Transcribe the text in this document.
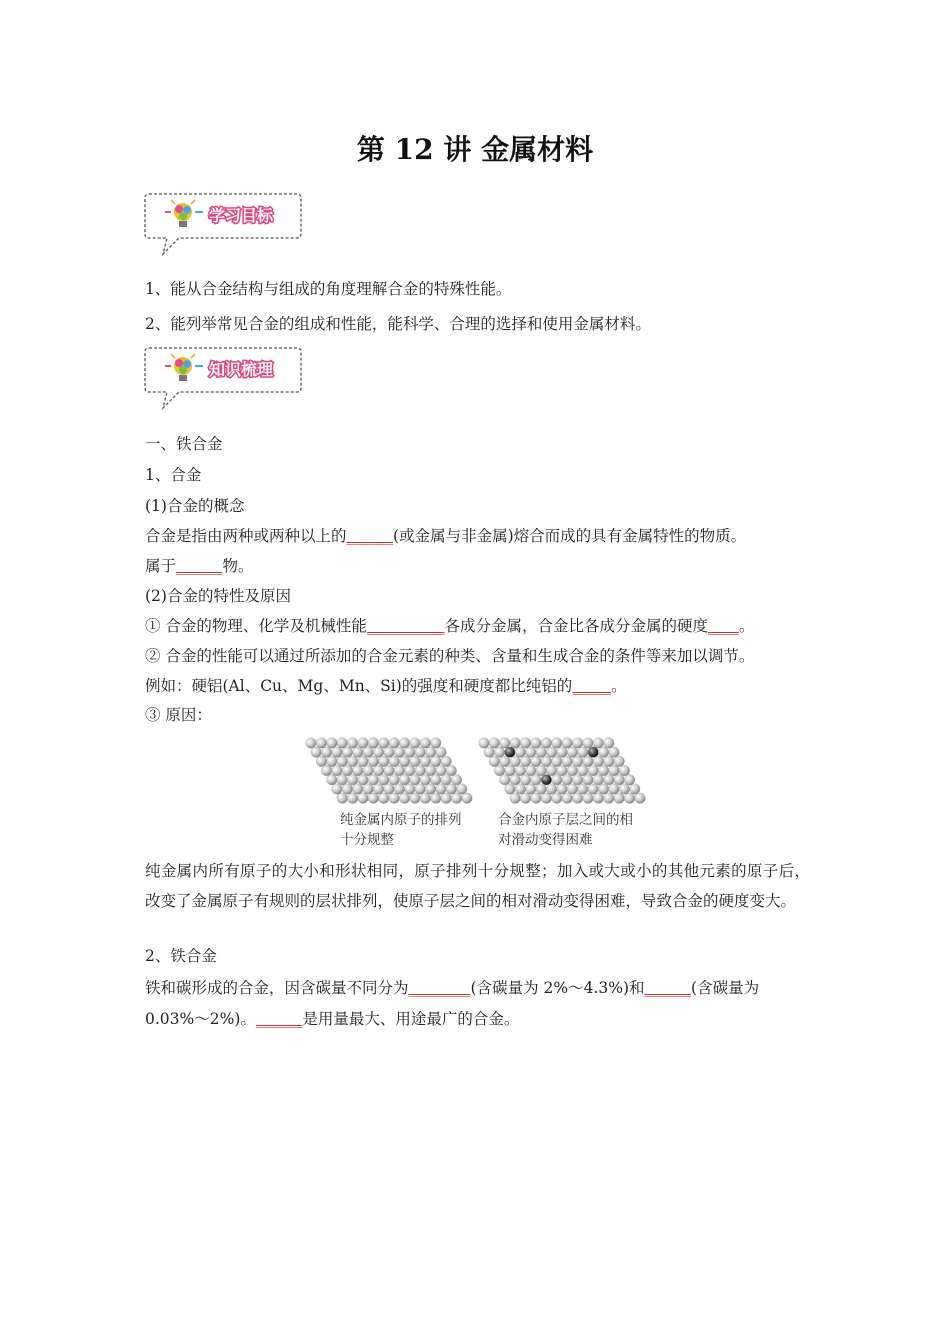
第 12 讲 金属材料
学习目标
1、能从合金结构与组成的角度理解合金的特殊性能。
2、能列举常见合金的组成和性能，能科学、合理的选择和使用金属材料。
知识梳理
一、铁合金
1、合金
(1)合金的概念
合金是指由两种或两种以上的______(或金属与非金属)熔合而成的具有金属特性的物质。
属于______物。
(2)合金的特性及原因
① 合金的物理、化学及机械性能__________各成分金属，合金比各成分金属的硬度____。
② 合金的性能可以通过所添加的合金元素的种类、含量和生成合金的条件等来加以调节。
例如：硬铝(Al、Cu、Mg、Mn、Si)的强度和硬度都比纯铝的_____。
③ 原因：
纯金属内原子的排列
十分规整
合金内原子层之间的相
对滑动变得困难
纯金属内所有原子的大小和形状相同，原子排列十分规整；加入或大或小的其他元素的原子后，改变了金属原子有规则的层状排列，使原子层之间的相对滑动变得困难，导致合金的硬度变大。
2、铁合金
铁和碳形成的合金，因含碳量不同分为________(含碳量为 2%～4.3%)和______(含碳量为
0.03%～2%)。______是用量最大、用途最广的合金。
